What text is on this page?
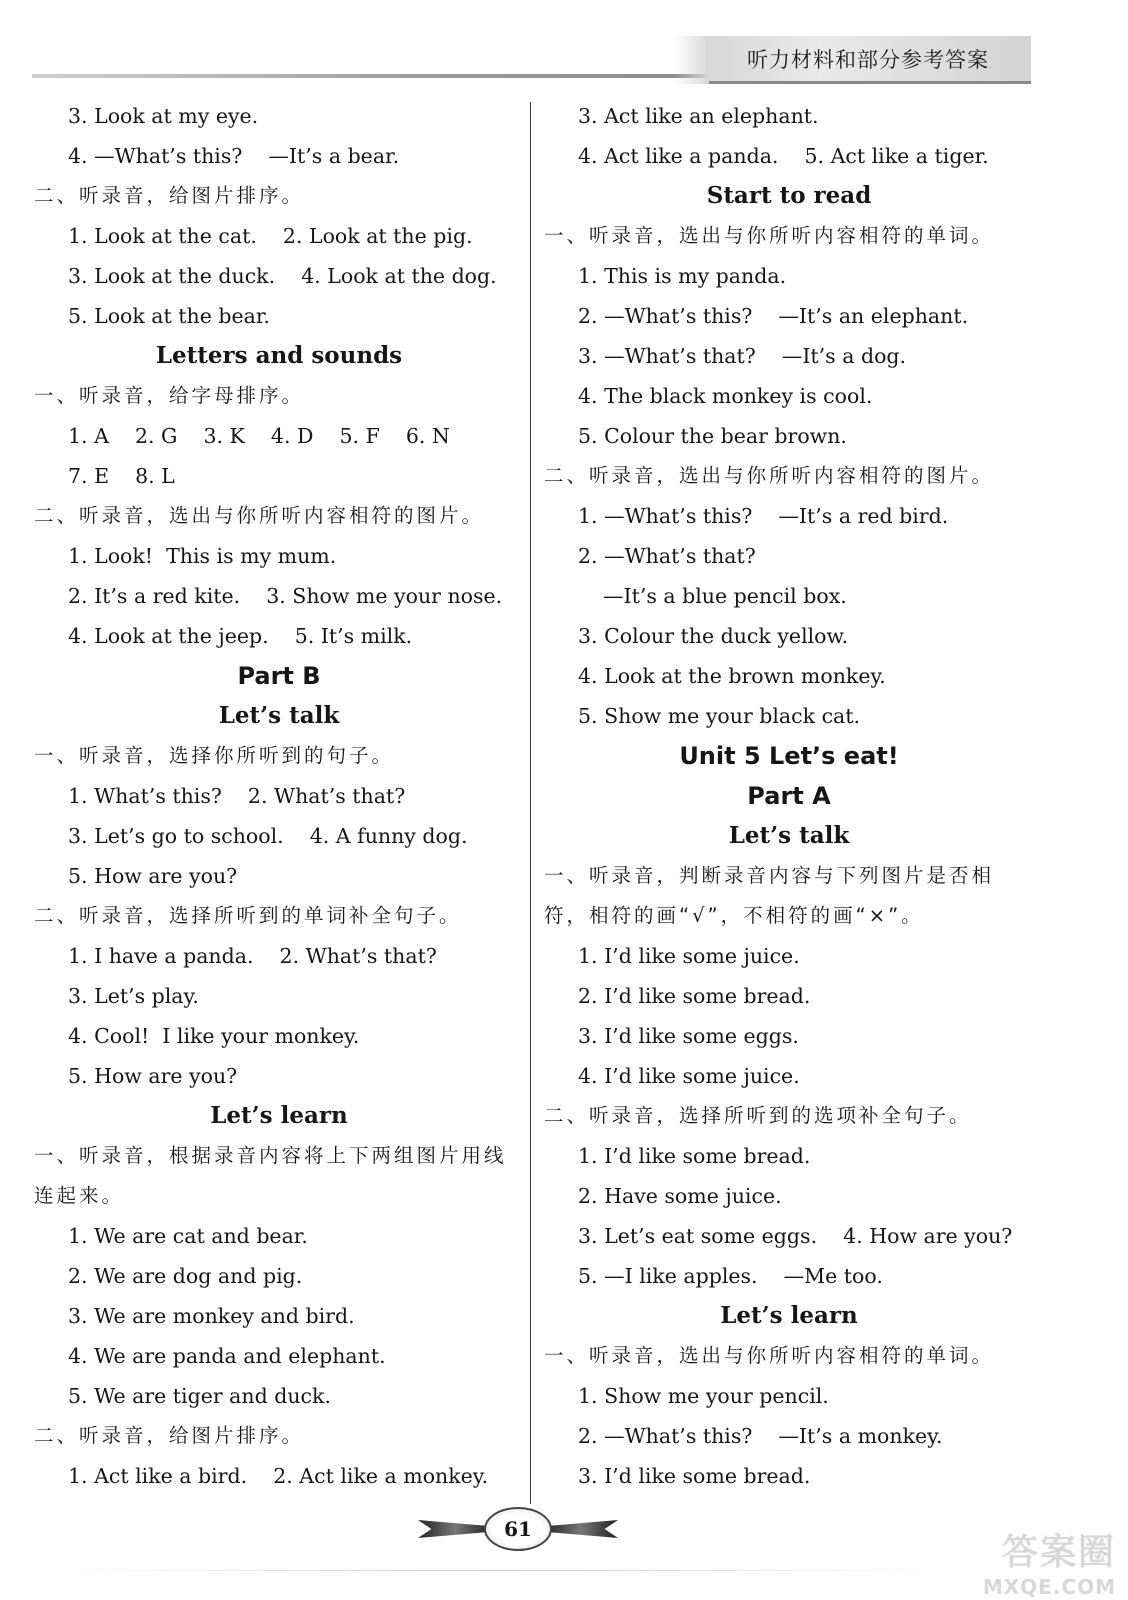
听力材料和部分参考答案
3. Look at my eye.
4. —What’s this?    —It’s a bear.
二、听录音，给图片排序。
1. Look at the cat.    2. Look at the pig.
3. Look at the duck.    4. Look at the dog.
5. Look at the bear.
Letters and sounds
一、听录音，给字母排序。
1. A    2. G    3. K    4. D    5. F    6. N
7. E    8. L
二、听录音，选出与你所听内容相符的图片。
1. Look!  This is my mum.
2. It’s a red kite.    3. Show me your nose.
4. Look at the jeep.    5. It’s milk.
Part B
Let’s talk
一、听录音，选择你所听到的句子。
1. What’s this?    2. What’s that?
3. Let’s go to school.    4. A funny dog.
5. How are you?
二、听录音，选择所听到的单词补全句子。
1. I have a panda.    2. What’s that?
3. Let’s play.
4. Cool!  I like your monkey.
5. How are you?
Let’s learn
一、听录音，根据录音内容将上下两组图片用线
连起来。
1. We are cat and bear.
2. We are dog and pig.
3. We are monkey and bird.
4. We are panda and elephant.
5. We are tiger and duck.
二、听录音，给图片排序。
1. Act like a bird.    2. Act like a monkey.
3. Act like an elephant.
4. Act like a panda.    5. Act like a tiger.
Start to read
一、听录音，选出与你所听内容相符的单词。
1. This is my panda.
2. —What’s this?    —It’s an elephant.
3. —What’s that?    —It’s a dog.
4. The black monkey is cool.
5. Colour the bear brown.
二、听录音，选出与你所听内容相符的图片。
1. —What’s this?    —It’s a red bird.
2. —What’s that?
—It’s a blue pencil box.
3. Colour the duck yellow.
4. Look at the brown monkey.
5. Show me your black cat.
Unit 5 Let’s eat!
Part A
Let’s talk
一、听录音，判断录音内容与下列图片是否相
符，相符的画“√”，不相符的画“×”。
1. I’d like some juice.
2. I’d like some bread.
3. I’d like some eggs.
4. I’d like some juice.
二、听录音，选择所听到的选项补全句子。
1. I’d like some bread.
2. Have some juice.
3. Let’s eat some eggs.    4. How are you?
5. —I like apples.    —Me too.
Let’s learn
一、听录音，选出与你所听内容相符的单词。
1. Show me your pencil.
2. —What’s this?    —It’s a monkey.
3. I’d like some bread.
61
答案圈
MXQE.COM
